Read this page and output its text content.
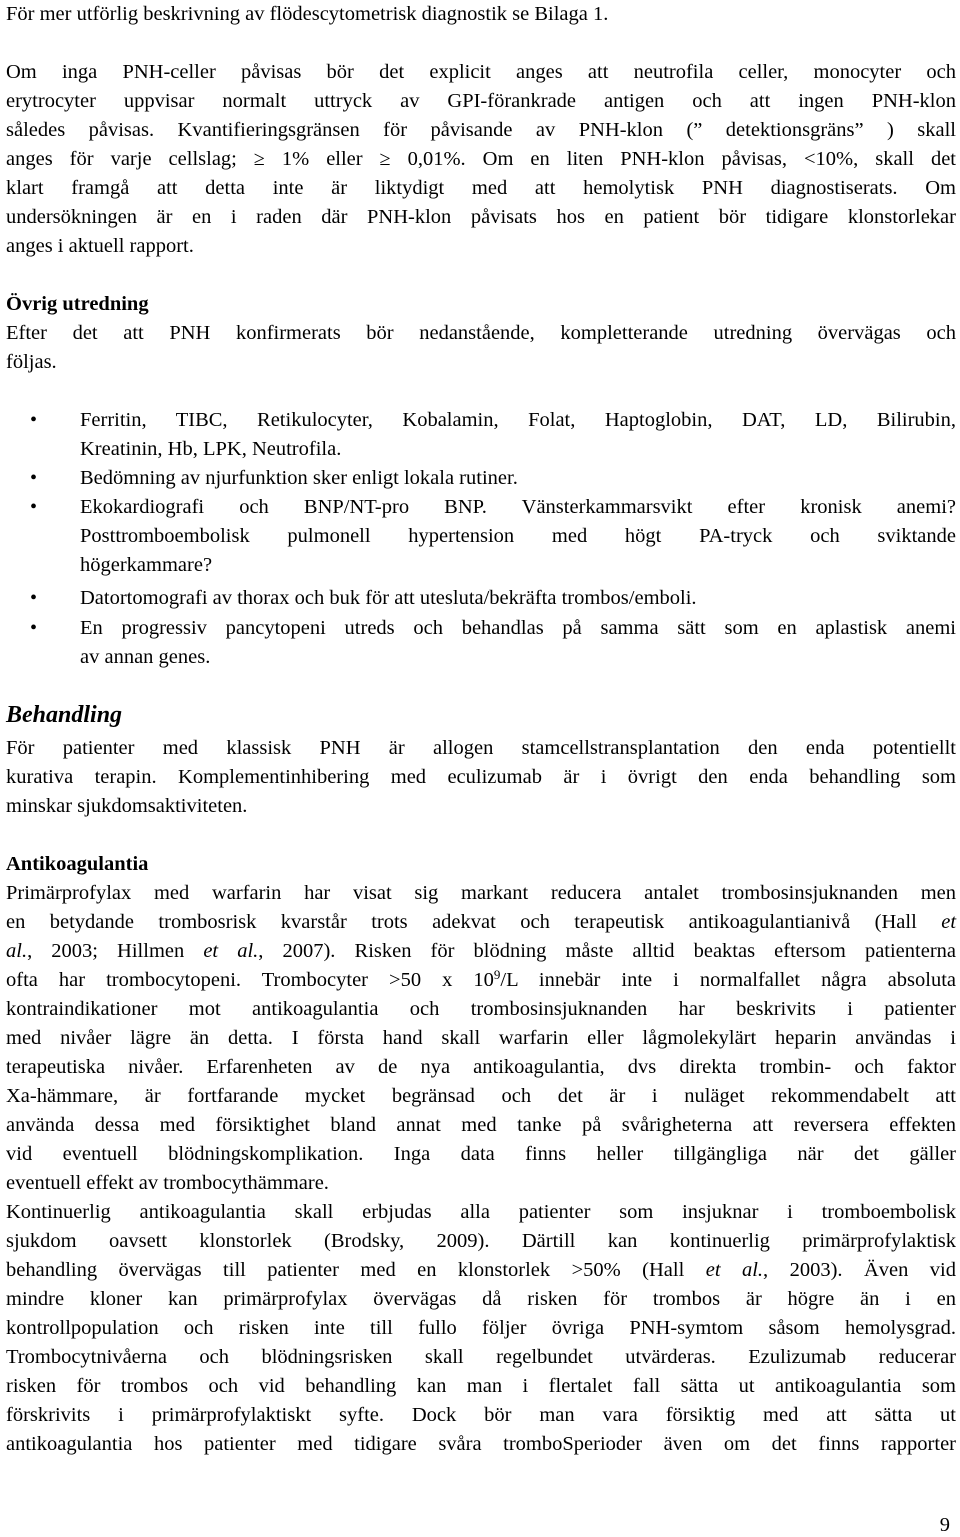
För mer utförlig beskrivning av flödescytometrisk diagnostik se Bilaga 1.
Om inga PNH-celler påvisas bör det explicit anges att neutrofila celler, monocyter och
erytrocyter uppvisar normalt uttryck av GPI-förankrade antigen och att ingen PNH-klon
således påvisas. Kvantifieringsgränsen för påvisande av PNH-klon (” detektionsgräns” ) skall
anges för varje cellslag; ≥ 1% eller ≥ 0,01%. Om en liten PNH-klon påvisas, <10%, skall det
klart framgå att detta inte är liktydigt med att hemolytisk PNH diagnostiserats. Om
undersökningen är en i raden där PNH-klon påvisats hos en patient bör tidigare klonstorlekar
anges i aktuell rapport.
Övrig utredning
Efter det att PNH konfirmerats bör nedanstående, kompletterande utredning övervägas och
följas.
• Ferritin, TIBC, Retikulocyter, Kobalamin, Folat, Haptoglobin, DAT, LD, Bilirubin,
Kreatinin, Hb, LPK, Neutrofila.
• Bedömning av njurfunktion sker enligt lokala rutiner.
• Ekokardiografi och BNP/NT-pro BNP. Vänsterkammarsvikt efter kronisk anemi?
Posttromboembolisk pulmonell hypertension med högt PA-tryck och sviktande
högerkammare?
• Datortomografi av thorax och buk för att utesluta/bekräfta trombos/emboli.
• En progressiv pancytopeni utreds och behandlas på samma sätt som en aplastisk anemi
av annan genes.
Behandling
För patienter med klassisk PNH är allogen stamcellstransplantation den enda potentiellt
kurativa terapin. Komplementinhibering med eculizumab är i övrigt den enda behandling som
minskar sjukdomsaktiviteten.
Antikoagulantia
Primärprofylax med warfarin har visat sig markant reducera antalet trombosinsjuknanden men
en betydande trombosrisk kvarstår trots adekvat och terapeutisk antikoagulantianivå (Hall et
al., 2003; Hillmen et al., 2007). Risken för blödning måste alltid beaktas eftersom patienterna
ofta har trombocytopeni. Trombocyter >50 x $10^9/L$ innebär inte i normalfallet några absoluta
kontraindikationer mot antikoagulantia och trombosinsjuknanden har beskrivits i patienter
med nivåer lägre än detta. I första hand skall warfarin eller lågmolekylärt heparin användas i
terapeutiska nivåer. Erfarenheten av de nya antikoagulantia, dvs direkta trombin- och faktor
Xa-hämmare, är fortfarande mycket begränsad och det är i nuläget rekommendabelt att
använda dessa med försiktighet bland annat med tanke på svårigheterna att reversera effekten
vid eventuell blödningskomplikation. Inga data finns heller tillgängliga när det gäller
eventuell effekt av trombocythämmare.
Kontinuerlig antikoagulantia skall erbjudas alla patienter som insjuknar i tromboembolisk
sjukdom oavsett klonstorlek (Brodsky, 2009). Därtill kan kontinuerlig primärprofylaktisk
behandling övervägas till patienter med en klonstorlek >50% (Hall et al., 2003). Även vid
mindre kloner kan primärprofylax övervägas då risken för trombos är högre än i en
kontrollpopulation och risken inte till fullo följer övriga PNH-symtom såsom hemolysgrad.
Trombocytnivåerna och blödningsrisken skall regelbundet utvärderas. Ezulizumab reducerar
risken för trombos och vid behandling kan man i flertalet fall sätta ut antikoagulantia som
förskrivits i primärprofylaktiskt syfte. Dock bör man vara försiktig med att sätta ut
antikoagulantia hos patienter med tidigare svåra tromboSperioder även om det finns rapporter
9
